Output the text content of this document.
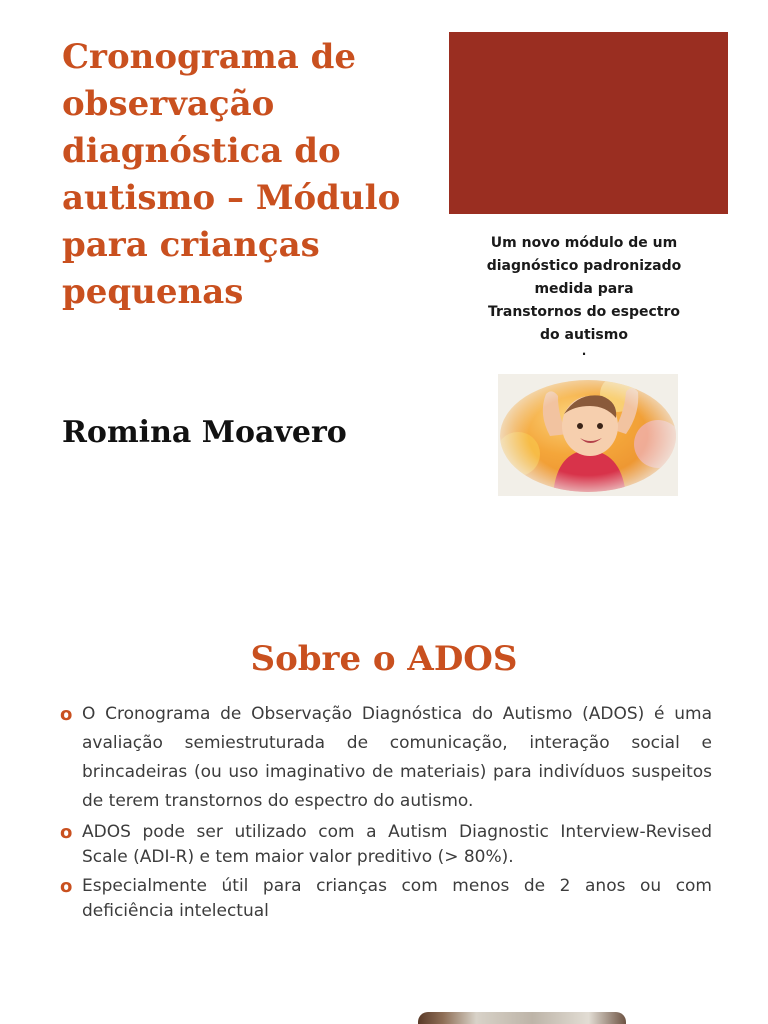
Cronograma de observação diagnóstica do autismo – Módulo para crianças pequenas
Romina Moavero
Um novo módulo de um
diagnóstico padronizado
medida para
Transtornos do espectro
do autismo
.
Sobre o ADOS
o O Cronograma de Observação Diagnóstica do Autismo (ADOS) é uma avaliação semiestruturada de comunicação, interação social e brincadeiras (ou uso imaginativo de materiais) para indivíduos suspeitos de terem transtornos do espectro do autismo.
o ADOS pode ser utilizado com a Autism Diagnostic Interview-Revised Scale (ADI-R) e tem maior valor preditivo (> 80%).
o Especialmente útil para crianças com menos de 2 anos ou com deficiência intelectual
